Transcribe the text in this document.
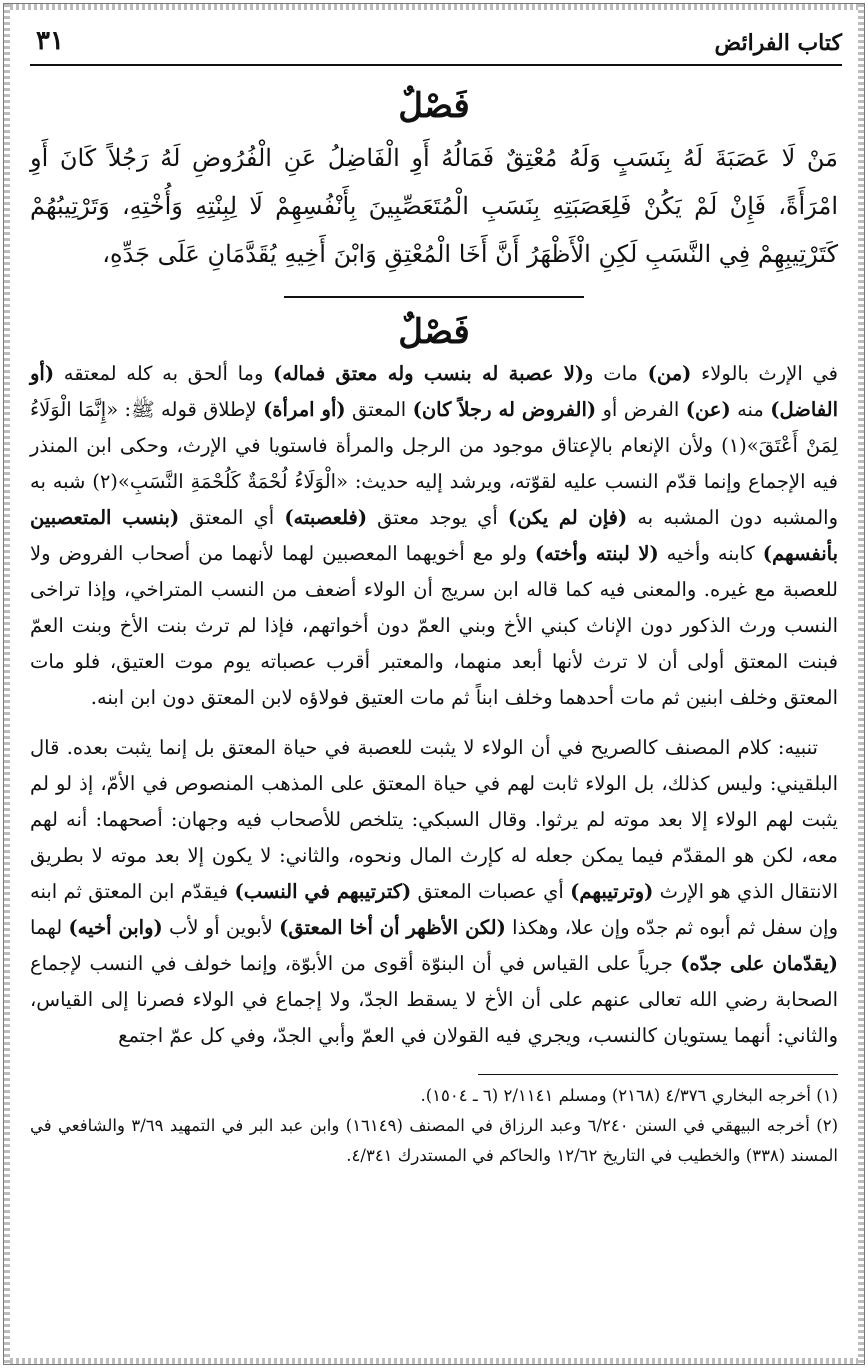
كتاب الفرائض
٣١
فَصْلٌ

مَنْ لَا عَصَبَةَ لَهُ بِنَسَبٍ وَلَهُ مُعْتِقٌ فَمَالُهُ أَوِ الْفَاضِلُ عَنِ الْفُرُوضِ لَهُ رَجُلاً كَانَ أَوِ امْرَأَةً، فَإِنْ لَمْ يَكُنْ فَلِعَصَبَتِهِ بِنَسَبِ الْمُتَعَصِّبِينَ بِأَنْفُسِهِمْ لَا لِبِنْتِهِ وَأُخْتِهِ، وَتَرْتِيبُهُمْ كَتَرْتِيبِهِمْ فِي النَّسَبِ لَكِنِ الْأَظْهَرُ أَنَّ أَخَا الْمُعْتِقِ وَابْنَ أَخِيهِ يُقَدَّمَانِ عَلَى جَدِّهِ،

فَصْلٌ

في الإرث بالولاء (من) مات و(لا عصبة له بنسب وله معتق فماله) وما ألحق به كله لمعتقه (أو الفاضل) منه (عن) الفرض أو (الفروض له رجلاً كان) المعتق (أو امرأة) لإطلاق قوله ﷺ: «إِنَّمَا الْوَلَاءُ لِمَنْ أَعْتَقَ»(١) ولأن الإنعام بالإعتاق موجود من الرجل والمرأة فاستويا في الإرث، وحكى ابن المنذر فيه الإجماع وإنما قدّم النسب عليه لقوّته، ويرشد إليه حديث: «الْوَلَاءُ لُحْمَةٌ كَلُحْمَةِ النَّسَبِ»(٢) شبه به والمشبه دون المشبه به (فإن لم يكن) أي يوجد معتق (فلعصبته) أي المعتق (بنسب المتعصبين بأنفسهم) كابنه وأخيه (لا لبنته وأخته) ولو مع أخويهما المعصبين لهما لأنهما من أصحاب الفروض ولا للعصبة مع غيره. والمعنى فيه كما قاله ابن سريج أن الولاء أضعف من النسب المتراخي، وإذا تراخى النسب ورث الذكور دون الإناث كبني الأخ وبني العمّ دون أخواتهم، فإذا لم ترث بنت الأخ وبنت العمّ فبنت المعتق أولى أن لا ترث لأنها أبعد منهما، والمعتبر أقرب عصباته يوم موت العتيق، فلو مات المعتق وخلف ابنين ثم مات أحدهما وخلف ابناً ثم مات العتيق فولاؤه لابن المعتق دون ابن ابنه.

تنبيه: كلام المصنف كالصريح في أن الولاء لا يثبت للعصبة في حياة المعتق بل إنما يثبت بعده. قال البلقيني: وليس كذلك، بل الولاء ثابت لهم في حياة المعتق على المذهب المنصوص في الأمّ، إذ لو لم يثبت لهم الولاء إلا بعد موته لم يرثوا. وقال السبكي: يتلخص للأصحاب فيه وجهان: أصحهما: أنه لهم معه، لكن هو المقدّم فيما يمكن جعله له كإرث المال ونحوه، والثاني: لا يكون إلا بعد موته لا بطريق الانتقال الذي هو الإرث (وترتيبهم) أي عصبات المعتق (كترتيبهم في النسب) فيقدّم ابن المعتق ثم ابنه وإن سفل ثم أبوه ثم جدّه وإن علا، وهكذا (لكن الأظهر أن أخا المعتق) لأبوين أو لأب (وابن أخيه) لهما (يقدّمان على جدّه) جرياً على القياس في أن البنوّة أقوى من الأبوّة، وإنما خولف في النسب لإجماع الصحابة رضي الله تعالى عنهم على أن الأخ لا يسقط الجدّ، ولا إجماع في الولاء فصرنا إلى القياس، والثاني: أنهما يستويان كالنسب، ويجري فيه القولان في العمّ وأبي الجدّ، وفي كل عمّ اجتمع

(١) أخرجه البخاري ٤/٣٧٦ (٢١٦٨) ومسلم ٢/١١٤١ (٦ ـ ١٥٠٤).
(٢) أخرجه البيهقي في السنن ٦/٢٤٠ وعبد الرزاق في المصنف (١٦١٤٩) وابن عبد البر في التمهيد ٣/٦٩ والشافعي في المسند (٣٣٨) والخطيب في التاريخ ١٢/٦٢ والحاكم في المستدرك ٤/٣٤١.
